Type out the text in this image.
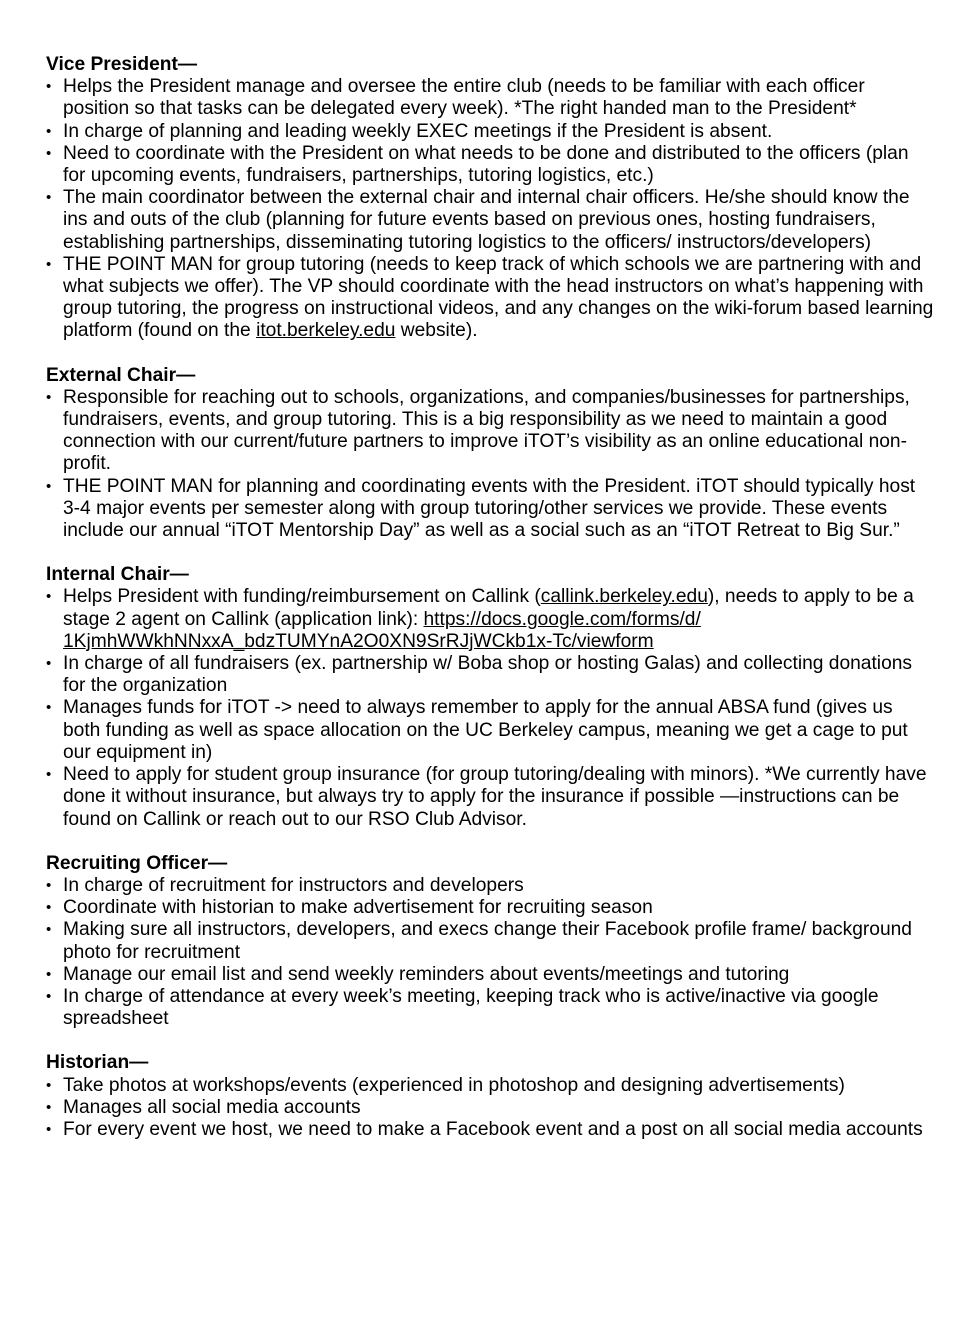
Vice President—
• Helps the President manage and oversee the entire club (needs to be familiar with each officer position so that tasks can be delegated every week). *The right handed man to the President*
• In charge of planning and leading weekly EXEC meetings if the President is absent.
• Need to coordinate with the President on what needs to be done and distributed to the officers (plan for upcoming events, fundraisers, partnerships, tutoring logistics, etc.)
• The main coordinator between the external chair and internal chair officers. He/she should know the ins and outs of the club (planning for future events based on previous ones, hosting fundraisers, establishing partnerships, disseminating tutoring logistics to the officers/ instructors/developers)
• THE POINT MAN for group tutoring (needs to keep track of which schools we are partnering with and what subjects we offer). The VP should coordinate with the head instructors on what’s happening with group tutoring, the progress on instructional videos, and any changes on the wiki-forum based learning platform (found on the itot.berkeley.edu website).
External Chair—
• Responsible for reaching out to schools, organizations, and companies/businesses for partnerships, fundraisers, events, and group tutoring. This is a big responsibility as we need to maintain a good connection with our current/future partners to improve iTOT’s visibility as an online educational non-profit.
• THE POINT MAN for planning and coordinating events with the President. iTOT should typically host 3-4 major events per semester along with group tutoring/other services we provide. These events include our annual “iTOT Mentorship Day” as well as a social such as an “iTOT Retreat to Big Sur.”
Internal Chair—
• Helps President with funding/reimbursement on Callink (callink.berkeley.edu), needs to apply to be a stage 2 agent on Callink (application link): https://docs.google.com/forms/d/ 1KjmhWWkhNNxxA_bdzTUMYnA2O0XN9SrRJjWCkb1x-Tc/viewform
• In charge of all fundraisers (ex. partnership w/ Boba shop or hosting Galas) and collecting donations for the organization
• Manages funds for iTOT -> need to always remember to apply for the annual ABSA fund (gives us both funding as well as space allocation on the UC Berkeley campus, meaning we get a cage to put our equipment in)
• Need to apply for student group insurance (for group tutoring/dealing with minors). *We currently have done it without insurance, but always try to apply for the insurance if possible —instructions can be found on Callink or reach out to our RSO Club Advisor.
Recruiting Officer—
• In charge of recruitment for instructors and developers
• Coordinate with historian to make advertisement for recruiting season
• Making sure all instructors, developers, and execs change their Facebook profile frame/ background photo for recruitment
• Manage our email list and send weekly reminders about events/meetings and tutoring
• In charge of attendance at every week’s meeting, keeping track who is active/inactive via google spreadsheet
Historian—
• Take photos at workshops/events (experienced in photoshop and designing advertisements)
• Manages all social media accounts
• For every event we host, we need to make a Facebook event and a post on all social media accounts
